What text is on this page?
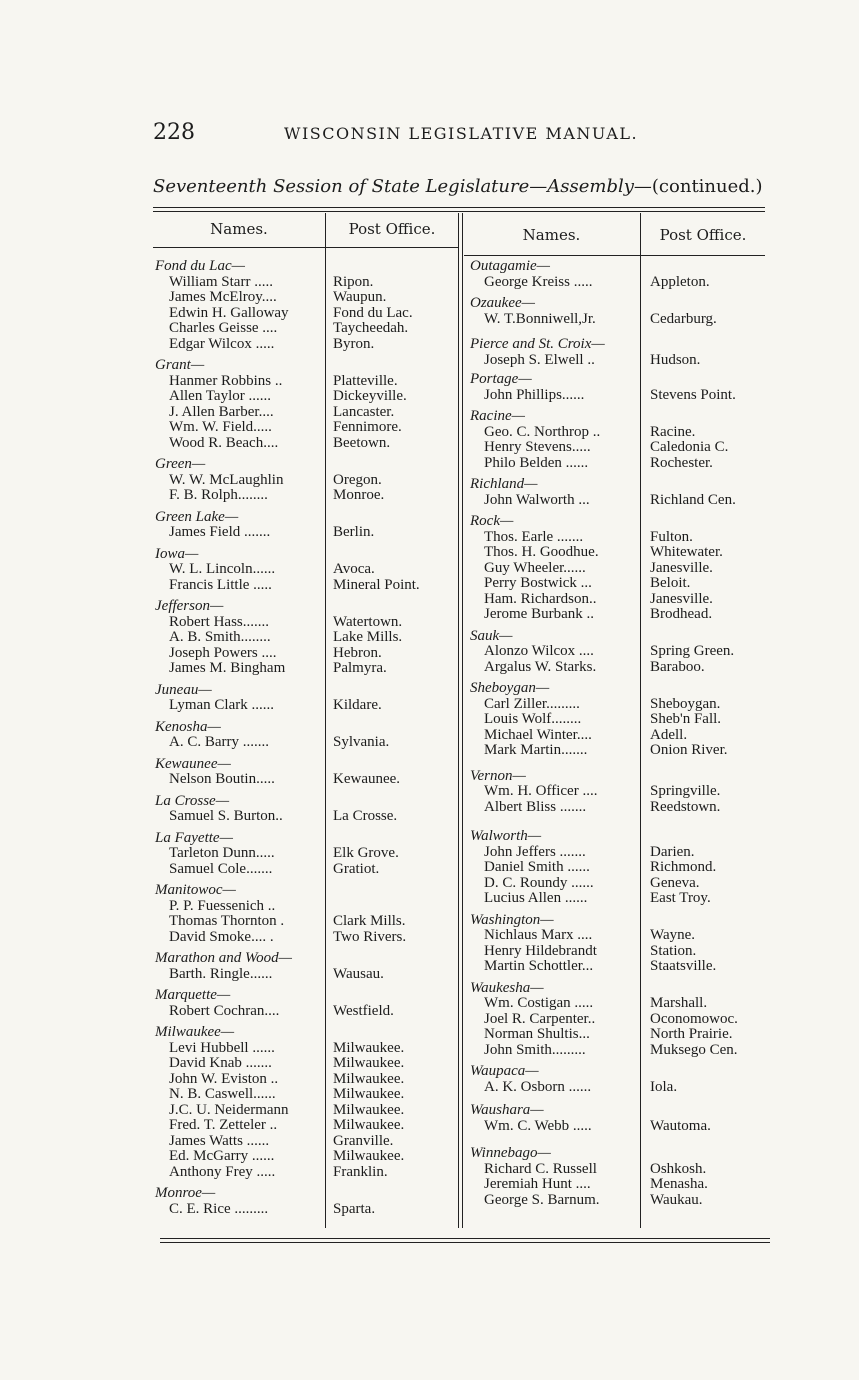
228	WISCONSIN LEGISLATIVE MANUAL.
Seventeenth Session of State Legislature—Assembly—(continued.)
Names.	Post Office.	Names.	Post Office.
Fond du Lac—
William Starr .....	Ripon.
James McElroy....	Waupun.
Edwin H. Galloway	Fond du Lac.
Charles Geisse ....	Taycheedah.
Edgar Wilcox .....	Byron.
Grant—
Hanmer Robbins ..	Platteville.
Allen Taylor ......	Dickeyville.
J. Allen Barber....	Lancaster.
Wm. W. Field.....	Fennimore.
Wood R. Beach....	Beetown.
Green—
W. W. McLaughlin	Oregon.
F. B. Rolph........	Monroe.
Green Lake—
James Field .......	Berlin.
Iowa—
W. L. Lincoln......	Avoca.
Francis Little .....	Mineral Point.
Jefferson—
Robert Hass.......	Watertown.
A. B. Smith........	Lake Mills.
Joseph Powers ....	Hebron.
James M. Bingham	Palmyra.
Juneau—
Lyman Clark ......	Kildare.
Kenosha—
A. C. Barry .......	Sylvania.
Kewaunee—
Nelson Boutin.....	Kewaunee.
La Crosse—
Samuel S. Burton..	La Crosse.
La Fayette—
Tarleton Dunn.....	Elk Grove.
Samuel Cole.......	Gratiot.
Manitowoc—
P. P. Fuessenich ..
Thomas Thornton .	Clark Mills.
David Smoke.... .	Two Rivers.
Marathon and Wood—
Barth. Ringle......	Wausau.
Marquette—
Robert Cochran....	Westfield.
Milwaukee—
Levi Hubbell ......	Milwaukee.
David Knab .......	Milwaukee.
John W. Eviston ..	Milwaukee.
N. B. Caswell......	Milwaukee.
J.C. U. Neidermann	Milwaukee.
Fred. T. Zetteler ..	Milwaukee.
James Watts ......	Granville.
Ed. McGarry ......	Milwaukee.
Anthony Frey .....	Franklin.
Monroe—
C. E. Rice .........	Sparta.
Outagamie—
George Kreiss .....	Appleton.
Ozaukee—
W. T.Bonniwell,Jr.	Cedarburg.
Pierce and St. Croix—
Joseph S. Elwell ..	Hudson.
Portage—
John Phillips......	Stevens Point.
Racine—
Geo. C. Northrop ..	Racine.
Henry Stevens.....	Caledonia C.
Philo Belden ......	Rochester.
Richland—
John Walworth ...	Richland Cen.
Rock—
Thos. Earle .......	Fulton.
Thos. H. Goodhue.	Whitewater.
Guy Wheeler......	Janesville.
Perry Bostwick ...	Beloit.
Ham. Richardson..	Janesville.
Jerome Burbank ..	Brodhead.
Sauk—
Alonzo Wilcox ....	Spring Green.
Argalus W. Starks.	Baraboo.
Sheboygan—
Carl Ziller.........	Sheboygan.
Louis Wolf........	Sheb'n Fall.
Michael Winter....	Adell.
Mark Martin.......	Onion River.
Vernon—
Wm. H. Officer ....	Springville.
Albert Bliss .......	Reedstown.
Walworth—
John Jeffers .......	Darien.
Daniel Smith ......	Richmond.
D. C. Roundy ......	Geneva.
Lucius Allen ......	East Troy.
Washington—
Nichlaus Marx ....	Wayne.
Henry Hildebrandt	Station.
Martin Schottler...	Staatsville.
Waukesha—
Wm. Costigan .....	Marshall.
Joel R. Carpenter..	Oconomowoc.
Norman Shultis...	North Prairie.
John Smith.........	Muksego Cen.
Waupaca—
A. K. Osborn ......	Iola.
Waushara—
Wm. C. Webb .....	Wautoma.
Winnebago—
Richard C. Russell	Oshkosh.
Jeremiah Hunt ....	Menasha.
George S. Barnum.	Waukau.
